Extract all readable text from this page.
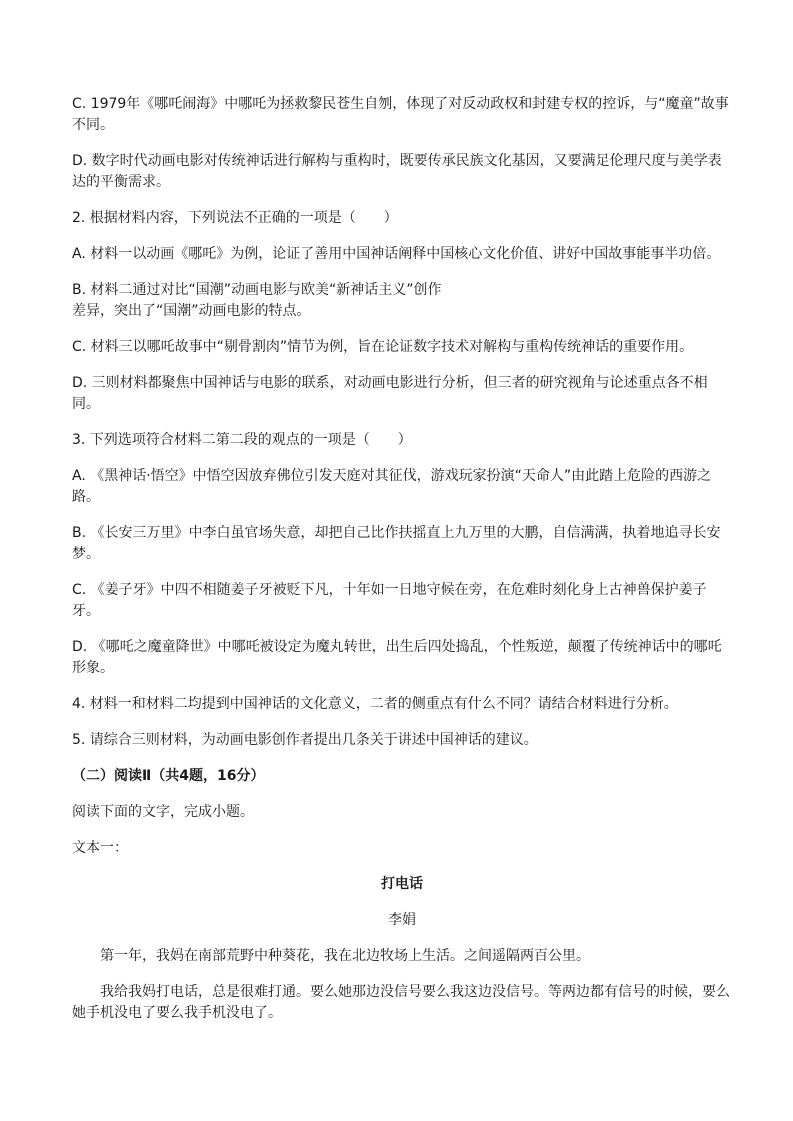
C. 1979年《哪吒闹海》中哪吒为拯救黎民苍生自刎，体现了对反动政权和封建专权的控诉，与“魔童”故事不同。

D. 数字时代动画电影对传统神话进行解构与重构时，既要传承民族文化基因，又要满足伦理尺度与美学表达的平衡需求。

2. 根据材料内容，下列说法不正确的一项是（　　）

A. 材料一以动画《哪吒》为例，论证了善用中国神话阐释中国核心文化价值、讲好中国故事能事半功倍。

B. 材料二通过对比“国潮”动画电影与欧美“新神话主义”创作

差异，突出了“国潮”动画电影的特点。

C. 材料三以哪吒故事中“剔骨割肉”情节为例，旨在论证数字技术对解构与重构传统神话的重要作用。

D. 三则材料都聚焦中国神话与电影的联系，对动画电影进行分析，但三者的研究视角与论述重点各不相同。

3. 下列选项符合材料二第二段的观点的一项是（　　）

A. 《黑神话·悟空》中悟空因放弃佛位引发天庭对其征伐，游戏玩家扮演“天命人”由此踏上危险的西游之路。

B. 《长安三万里》中李白虽官场失意，却把自己比作扶摇直上九万里的大鹏，自信满满，执着地追寻长安梦。

C. 《姜子牙》中四不相随姜子牙被贬下凡，十年如一日地守候在旁，在危难时刻化身上古神兽保护姜子牙。

D. 《哪吒之魔童降世》中哪吒被设定为魔丸转世，出生后四处捣乱，个性叛逆，颠覆了传统神话中的哪吒形象。

4. 材料一和材料二均提到中国神话的文化意义，二者的侧重点有什么不同？请结合材料进行分析。

5. 请综合三则材料，为动画电影创作者提出几条关于讲述中国神话的建议。

（二）阅读Ⅱ（共4题，16分）

阅读下面的文字，完成小题。

文本一：

打电话

李娟

第一年，我妈在南部荒野中种葵花，我在北边牧场上生活。之间遥隔两百公里。

我给我妈打电话，总是很难打通。要么她那边没信号要么我这边没信号。等两边都有信号的时候，要么她手机没电了要么我手机没电了。
